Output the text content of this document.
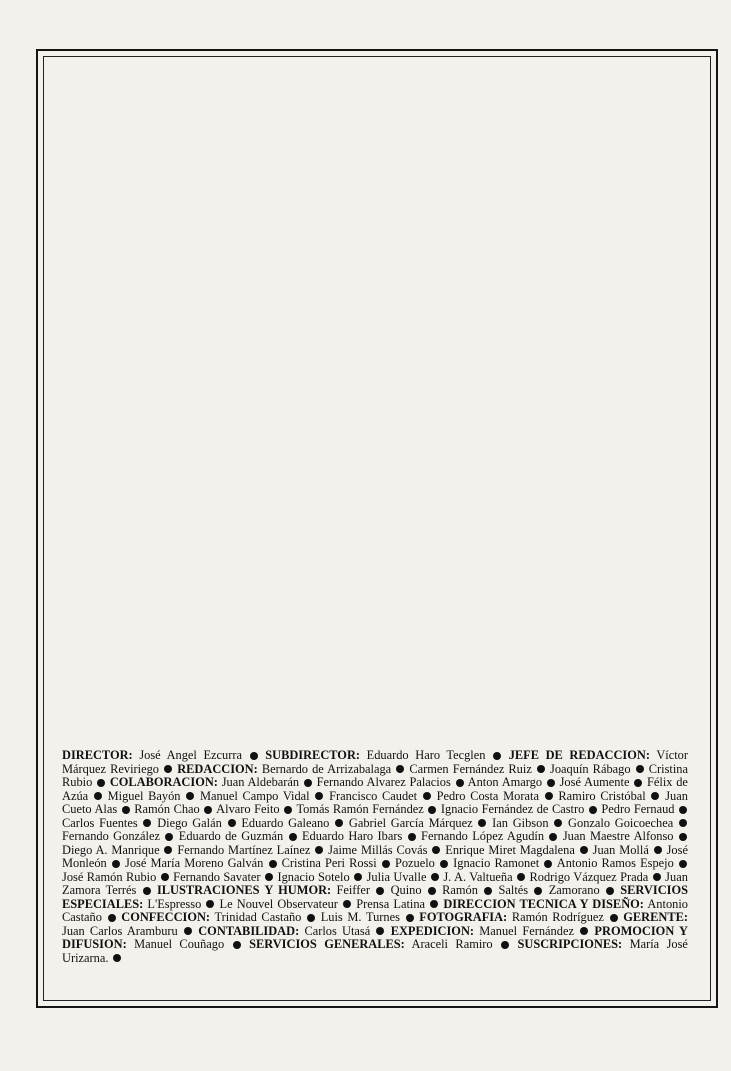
DIRECTOR: José Angel Ezcurra SUBDIRECTOR: Eduardo Haro Tecglen JEFE DE REDACCION: Víctor Márquez Reviriego REDACCION: Bernardo de Arrizabalaga Carmen Fernández Ruiz Joaquín Rábago Cristina Rubio COLABORACION: Juan Aldebarán Fernando Alvarez Palacios Anton Amargo José Aumente Félix de Azúa Miguel Bayón Manuel Campo Vidal Francisco Caudet Pedro Costa Morata Ramiro Cristóbal Juan Cueto Alas Ramón Chao Alvaro Feito Tomás Ramón Fernández Ignacio Fernández de Castro Pedro Fernaud  Carlos Fuentes Diego Galán Eduardo Galeano Gabriel García Márquez Ian Gibson Gonzalo Goicoechea  Fernando González Eduardo de Guzmán Eduardo Haro Ibars Fernando López Agudín Juan Maestre Alfonso  Diego A. Manrique Fernando Martínez Laínez Jaime Millás Covás Enrique Miret Magdalena Juan Mollá José Monleón José María Moreno Galván Cristina Peri Rossi Pozuelo Ignacio Ramonet Antonio Ramos Espejo  José Ramón Rubio Fernando Savater Ignacio Sotelo Julia Uvalle J. A. Valtueña Rodrigo Vázquez Prada Juan Zamora Terrés ILUSTRACIONES Y HUMOR: Feiffer Quino Ramón Saltés Zamorano SERVICIOS ESPECIALES: L'Espresso Le Nouvel Observateur Prensa Latina DIRECCION TECNICA Y DISEÑO: Antonio Castaño CONFECCION: Trinidad Castaño Luis M. Turnes FOTOGRAFIA: Ramón Rodríguez GERENTE: Juan Carlos Aramburu CONTABILIDAD: Carlos Utasá EXPEDICION: Manuel Fernández PROMOCION Y DIFUSION: Manuel Couñago SERVICIOS GENERALES: Araceli Ramiro SUSCRIPCIONES: María José Urizarna.
